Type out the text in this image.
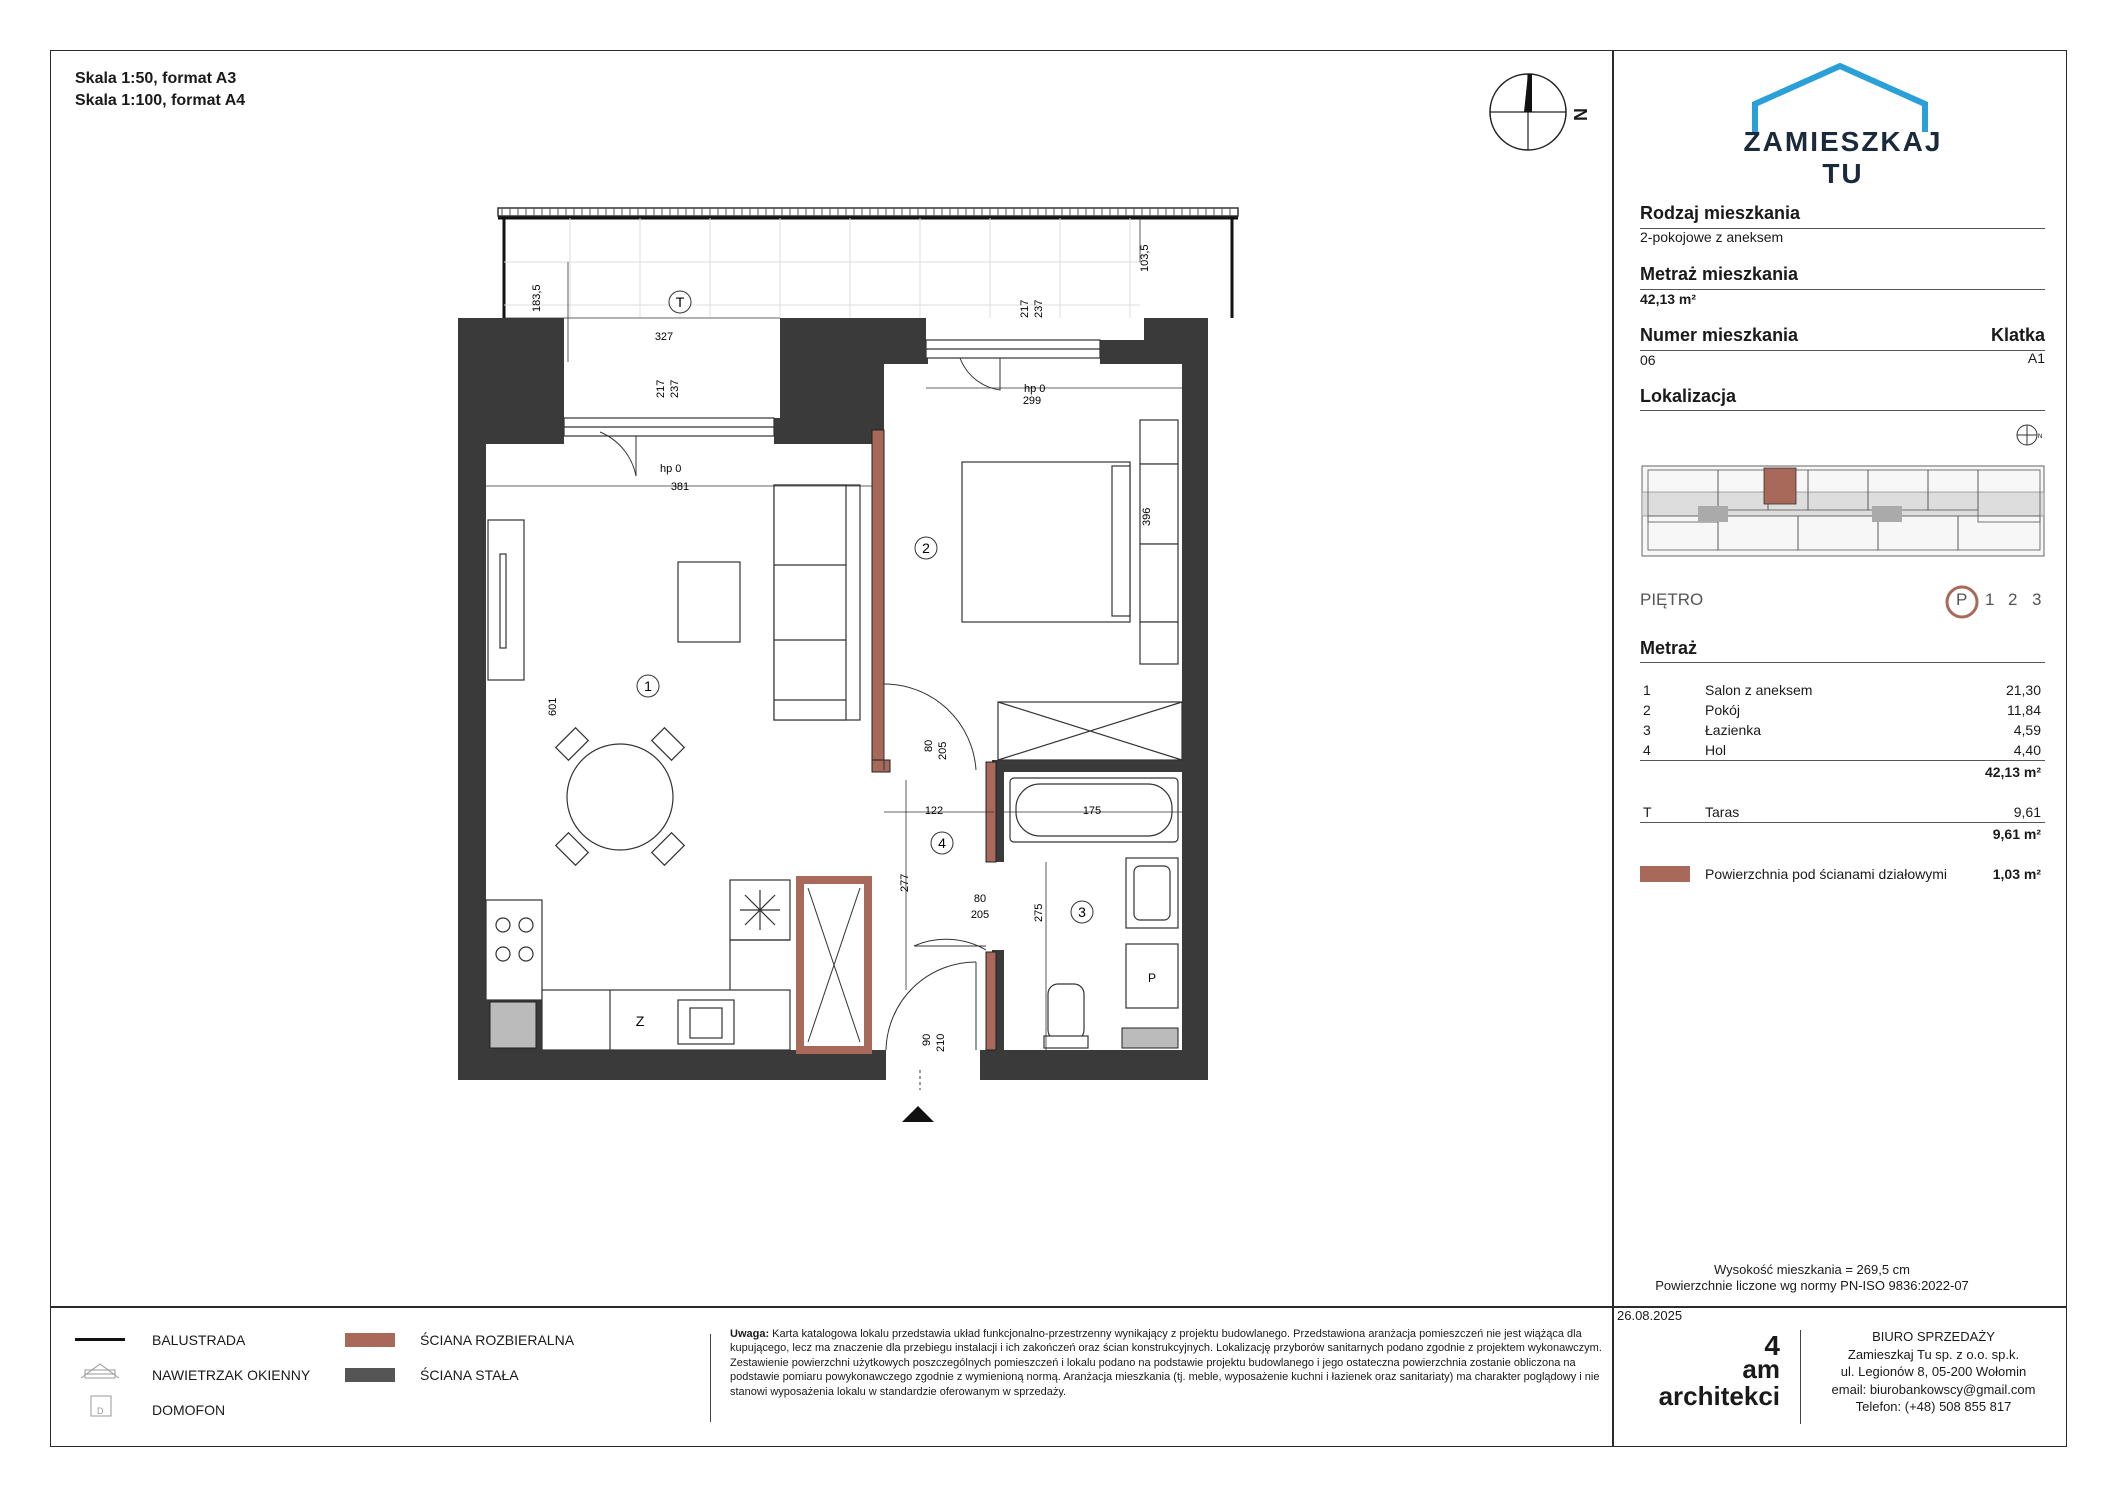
Skala 1:50, format A3
Skala 1:100, format A4
N
327
183,5
103,5
217 237
217 237
hp 0
hp 0
381
299
601
396
80 205
122	175
277
80
205	275
90 210
Z
P
T
1
2
3
4
ZAMIESZKAJ TU
Rodzaj mieszkania
2-pokojowe z aneksem
Metraż mieszkania
42,13 m²
Numer mieszkania	Klatka
06	A1
Lokalizacja
N
PIĘTRO	P 1 2 3
Metraż
1	Salon z aneksem	21,30
2	Pokój	11,84
3	Łazienka	4,59
4	Hol	4,40
42,13 m²
T	Taras	9,61
9,61 m²
Powierzchnia pod ścianami działowymi	1,03 m²
Wysokość mieszkania = 269,5 cm
Powierzchnie liczone wg normy PN-ISO 9836:2022-07
BALUSTRADA
NAWIETRZAK OKIENNY
D	DOMOFON
ŚCIANA ROZBIERALNA
ŚCIANA STAŁA
Uwaga: Karta katalogowa lokalu przedstawia układ funkcjonalno-przestrzenny wynikający z projektu budowlanego. Przedstawiona aranżacja pomieszczeń nie jest wiążąca dla kupującego, lecz ma znaczenie dla przebiegu instalacji i ich zakończeń oraz ścian konstrukcyjnych. Lokalizację przyborów sanitarnych podano zgodnie z projektem wykonawczym. Zestawienie powierzchni użytkowych poszczególnych pomieszczeń i lokalu podano na podstawie projektu budowlanego i jego ostateczna powierzchnia zostanie obliczona na podstawie pomiaru powykonawczego zgodnie z wymienioną normą. Aranżacja mieszkania (tj. meble, wyposażenie kuchni i łazienek oraz sanitariaty) ma charakter poglądowy i nie stanowi wyposażenia lokalu w standardzie oferowanym w sprzedaży.
26.08.2025
4
am
architekci
BIURO SPRZEDAŻY
Zamieszkaj Tu sp. z o.o. sp.k.
ul. Legionów 8, 05-200 Wołomin
email: biurobankowscy@gmail.com
Telefon: (+48) 508 855 817
